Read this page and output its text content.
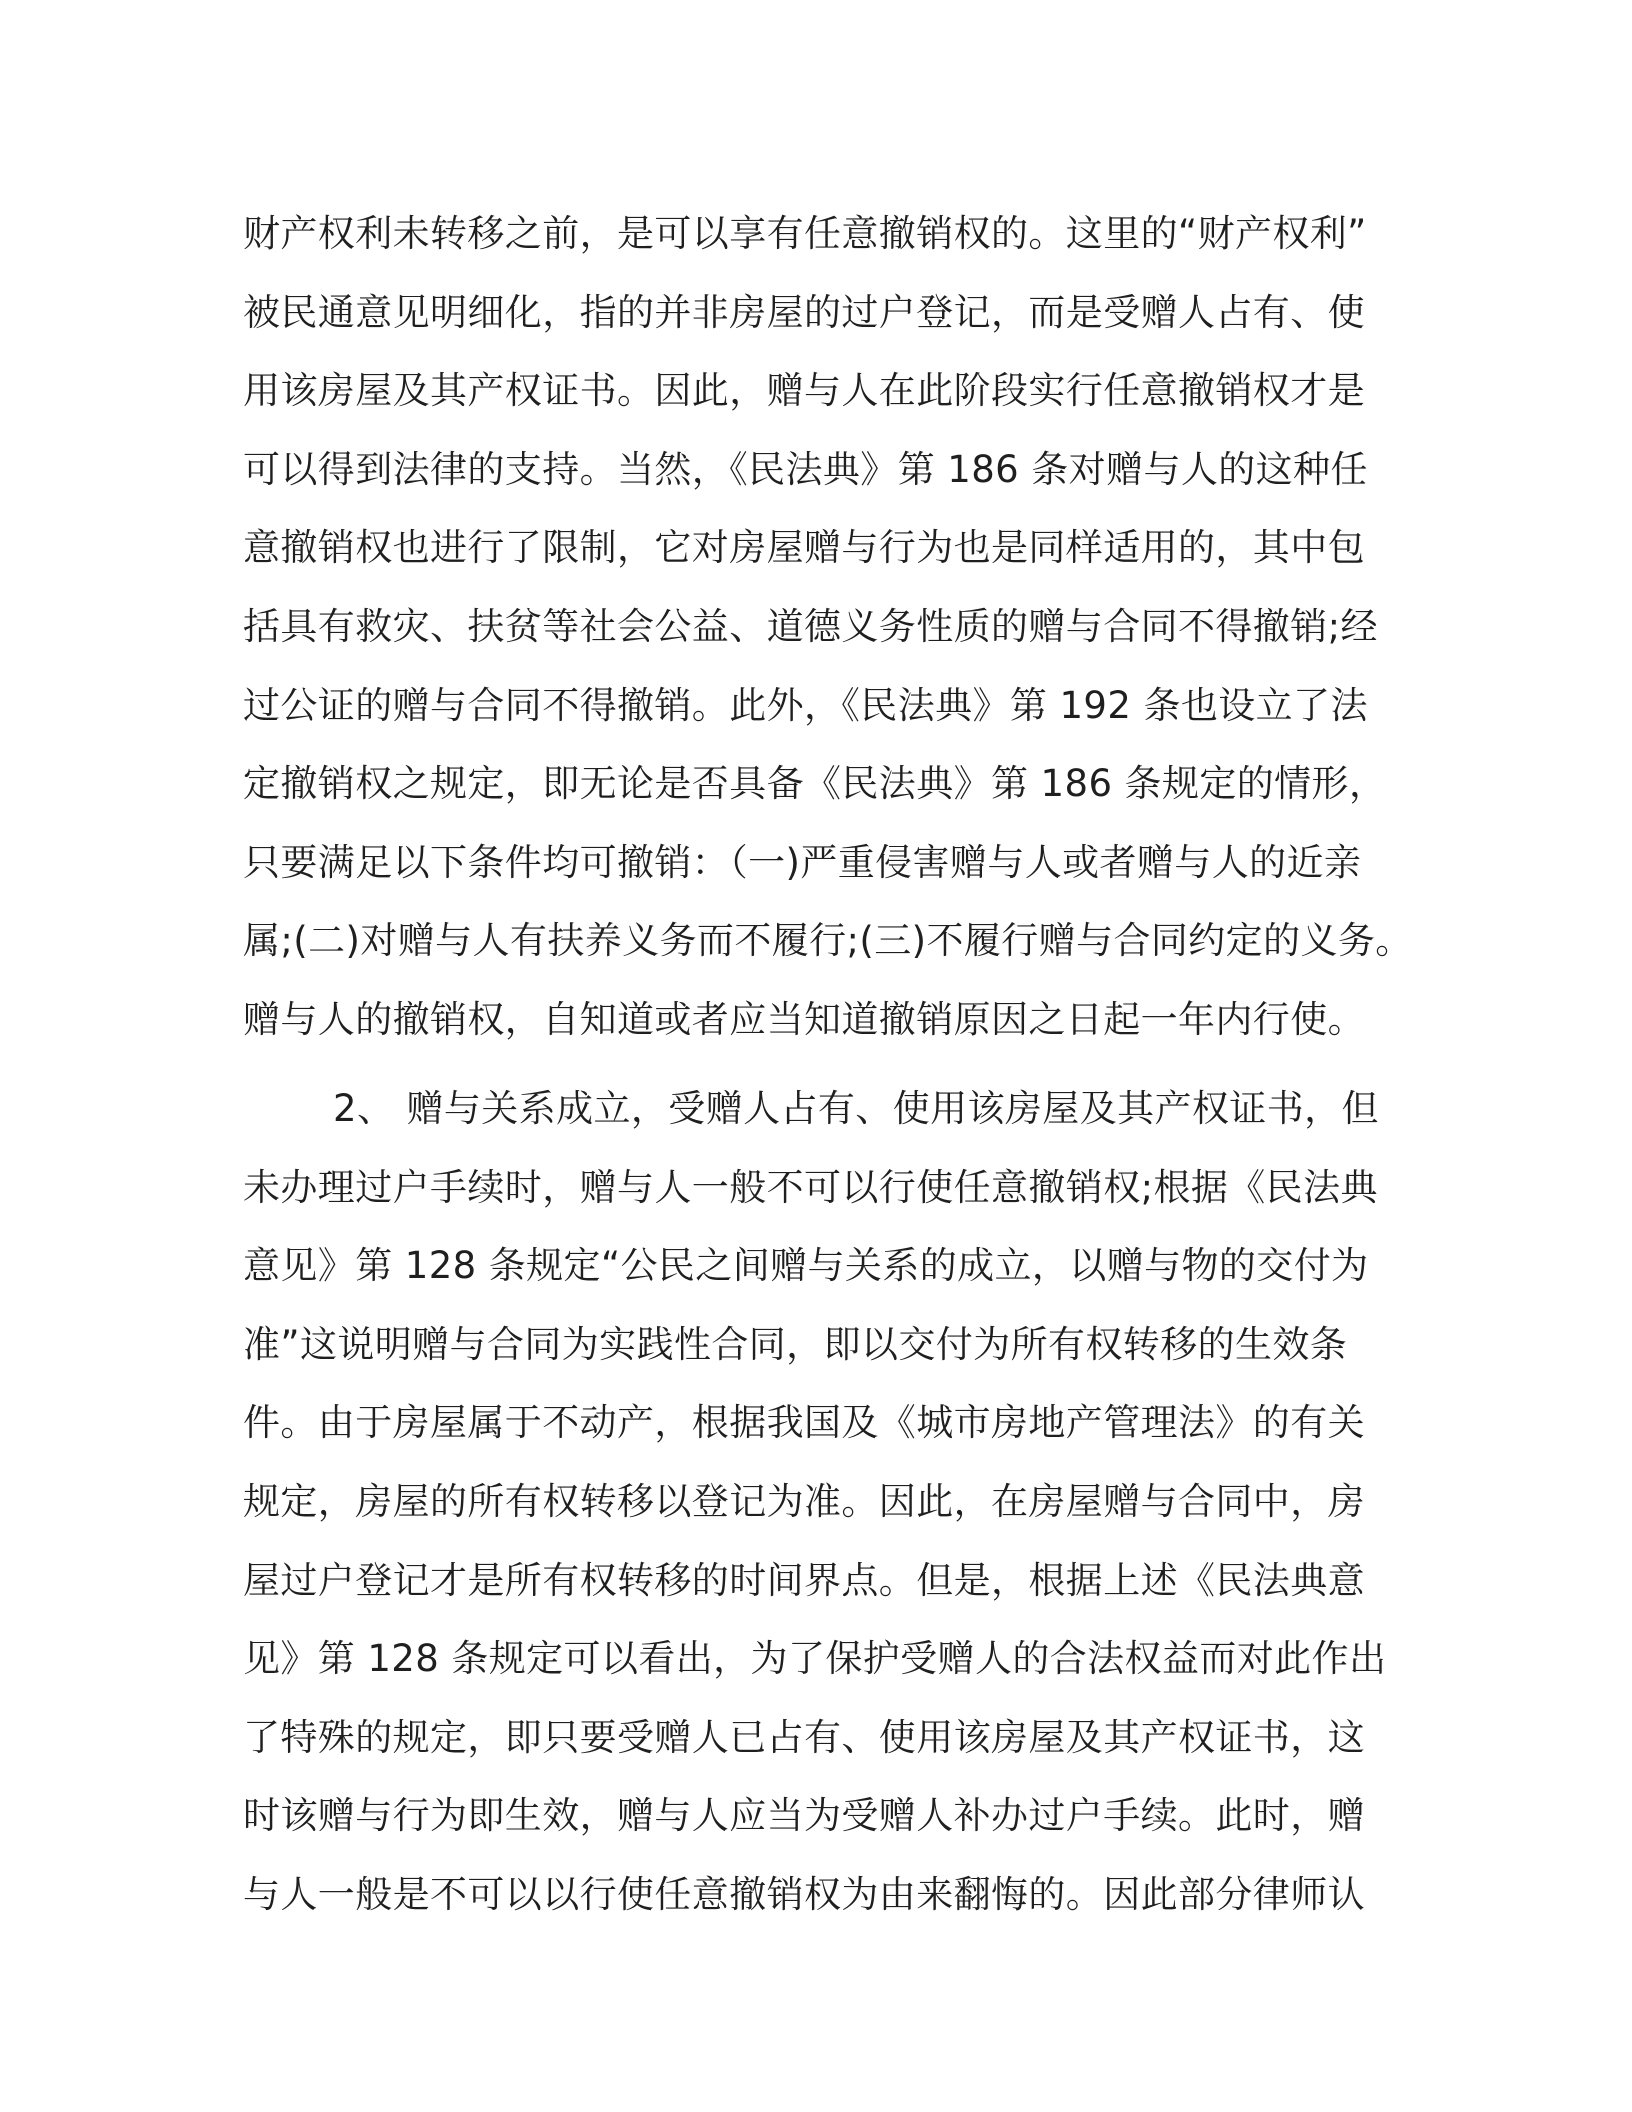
财产权利未转移之前，是可以享有任意撤销权的。这里的“财产权利”
被民通意见明细化，指的并非房屋的过户登记，而是受赠人占有、使
用该房屋及其产权证书。因此，赠与人在此阶段实行任意撤销权才是
可以得到法律的支持。当然，《民法典》第 186 条对赠与人的这种任
意撤销权也进行了限制，它对房屋赠与行为也是同样适用的，其中包
括具有救灾、扶贫等社会公益、道德义务性质的赠与合同不得撤销;经
过公证的赠与合同不得撤销。此外，《民法典》第 192 条也设立了法
定撤销权之规定，即无论是否具备《民法典》第 186 条规定的情形，
只要满足以下条件均可撤销：（一)严重侵害赠与人或者赠与人的近亲
属;(二)对赠与人有扶养义务而不履行;(三)不履行赠与合同约定的义务。
赠与人的撤销权，自知道或者应当知道撤销原因之日起一年内行使。
2、 赠与关系成立，受赠人占有、使用该房屋及其产权证书，但
未办理过户手续时，赠与人一般不可以行使任意撤销权;根据《民法典
意见》第 128 条规定“公民之间赠与关系的成立，以赠与物的交付为
准”这说明赠与合同为实践性合同，即以交付为所有权转移的生效条
件。由于房屋属于不动产，根据我国及《城市房地产管理法》的有关
规定，房屋的所有权转移以登记为准。因此，在房屋赠与合同中，房
屋过户登记才是所有权转移的时间界点。但是，根据上述《民法典意
见》第 128 条规定可以看出，为了保护受赠人的合法权益而对此作出
了特殊的规定，即只要受赠人已占有、使用该房屋及其产权证书，这
时该赠与行为即生效，赠与人应当为受赠人补办过户手续。此时，赠
与人一般是不可以以行使任意撤销权为由来翻悔的。因此部分律师认
